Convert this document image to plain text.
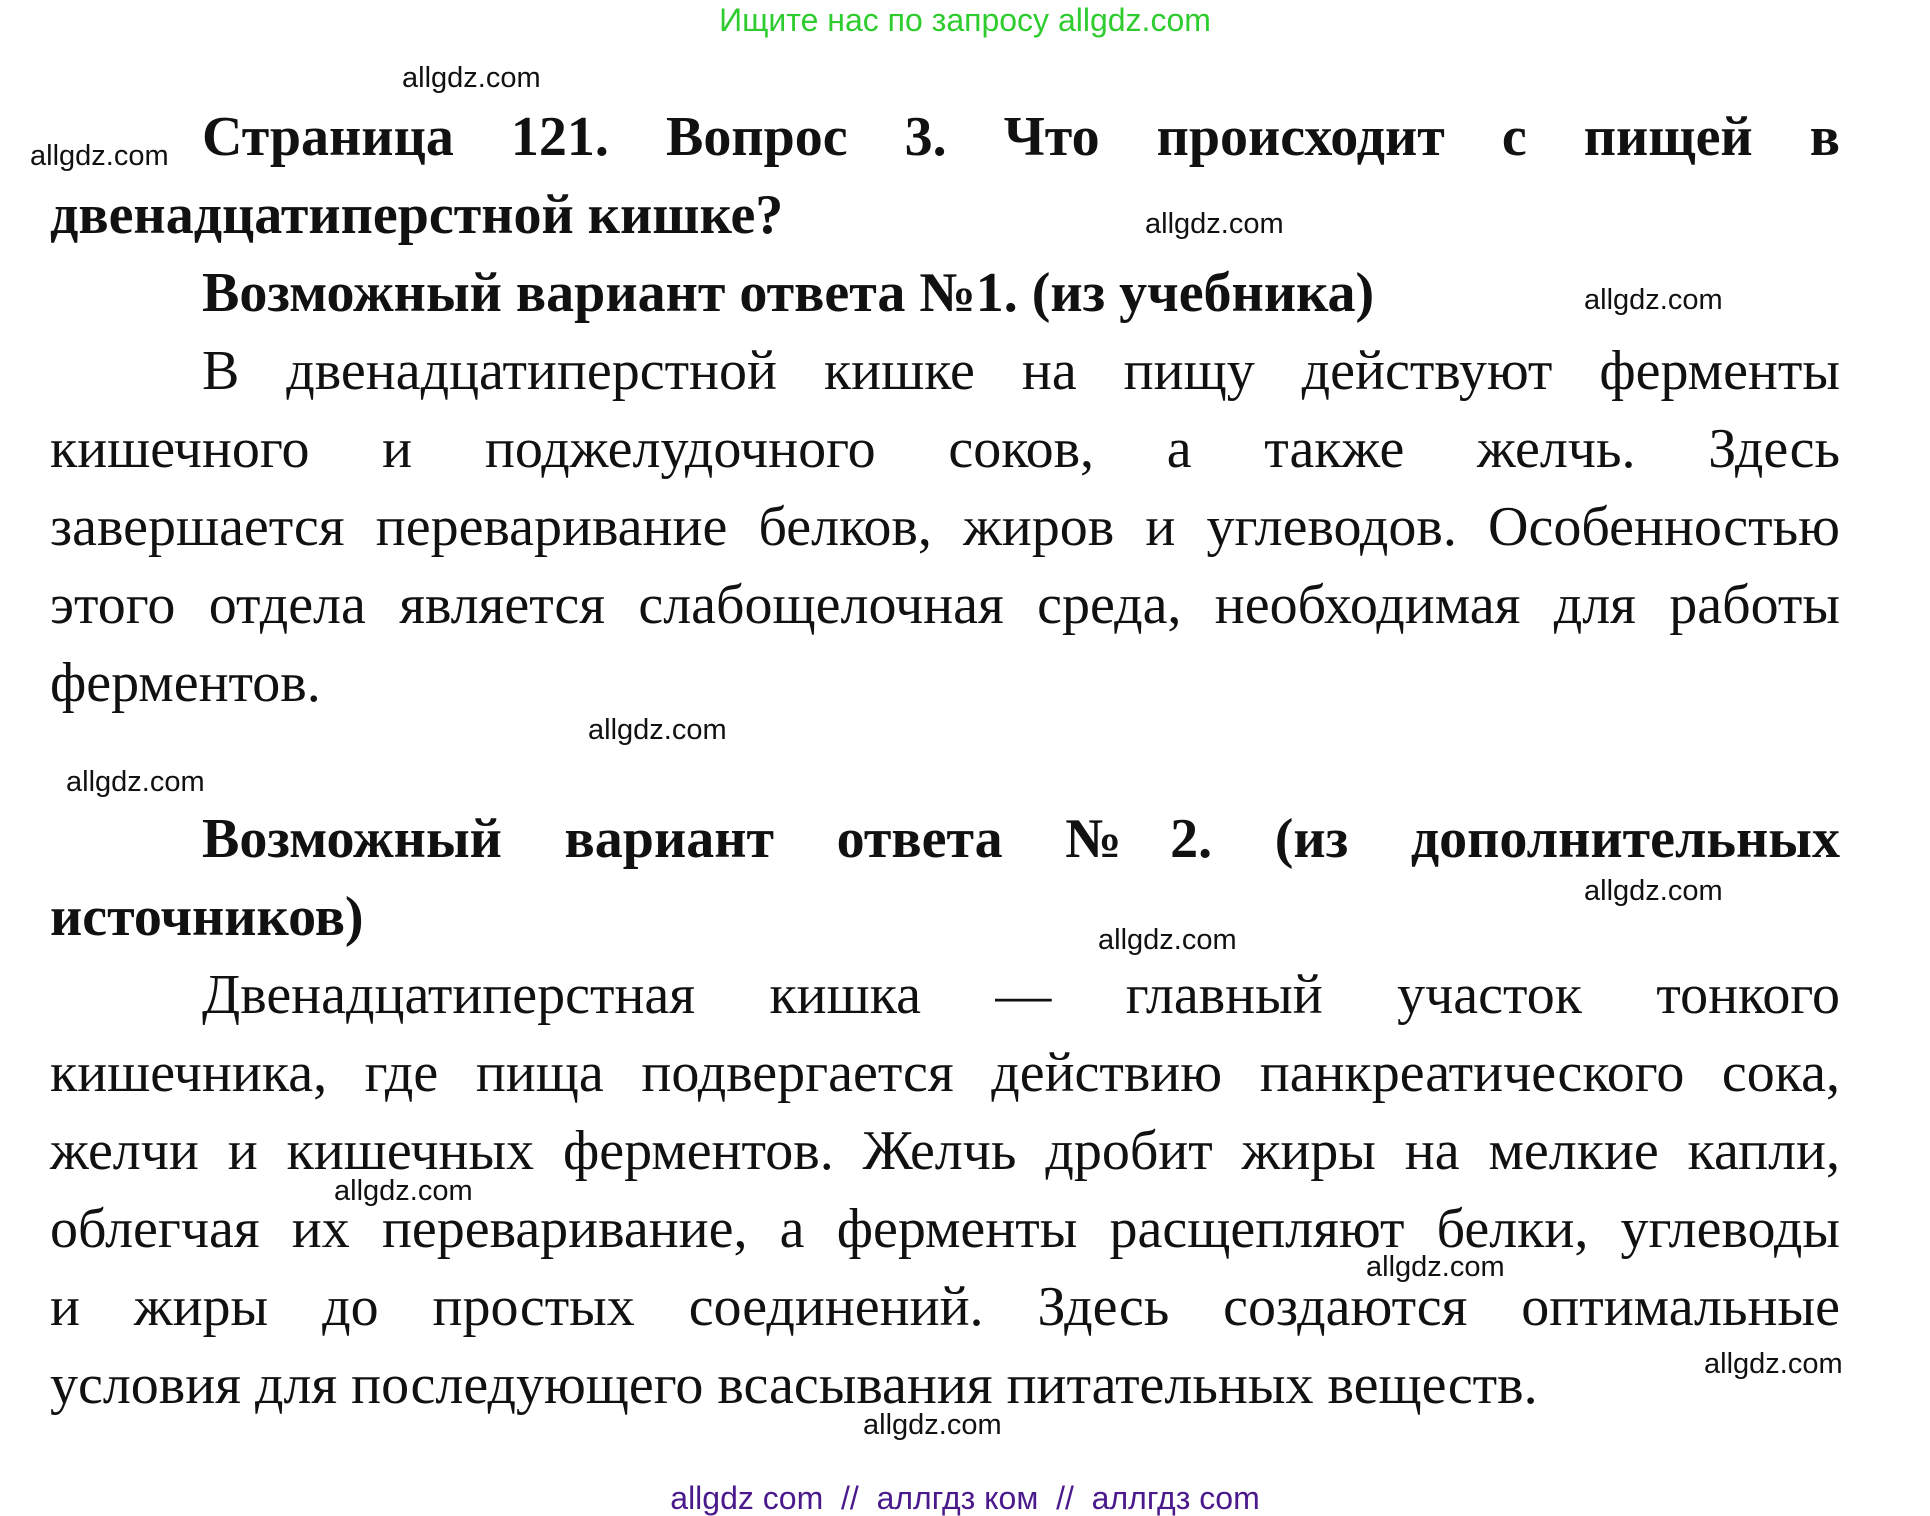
Ищите нас по запросу allgdz.com
Страница 121. Вопрос 3. Что происходит с пищей в
двенадцатиперстной кишке?
Возможный вариант ответа №1. (из учебника)
В двенадцатиперстной кишке на пищу действуют ферменты
кишечного и поджелудочного соков, а также желчь. Здесь
завершается переваривание белков, жиров и углеводов. Особенностью
этого отдела является слабощелочная среда, необходимая для работы
ферментов.
Возможный вариант ответа №2. (из дополнительных
источников)
Двенадцатиперстная кишка — главный участок тонкого
кишечника, где пища подвергается действию панкреатического сока,
желчи и кишечных ферментов. Желчь дробит жиры на мелкие капли,
облегчая их переваривание, а ферменты расщепляют белки, углеводы
и жиры до простых соединений. Здесь создаются оптимальные
условия для последующего всасывания питательных веществ.
allgdz.com
allgdz.com
allgdz.com
allgdz.com
allgdz.com
allgdz.com
allgdz.com
allgdz.com
allgdz.com
allgdz.com
allgdz.com
allgdz.com
allgdz com  //  аллгдз ком  //  аллгдз com
